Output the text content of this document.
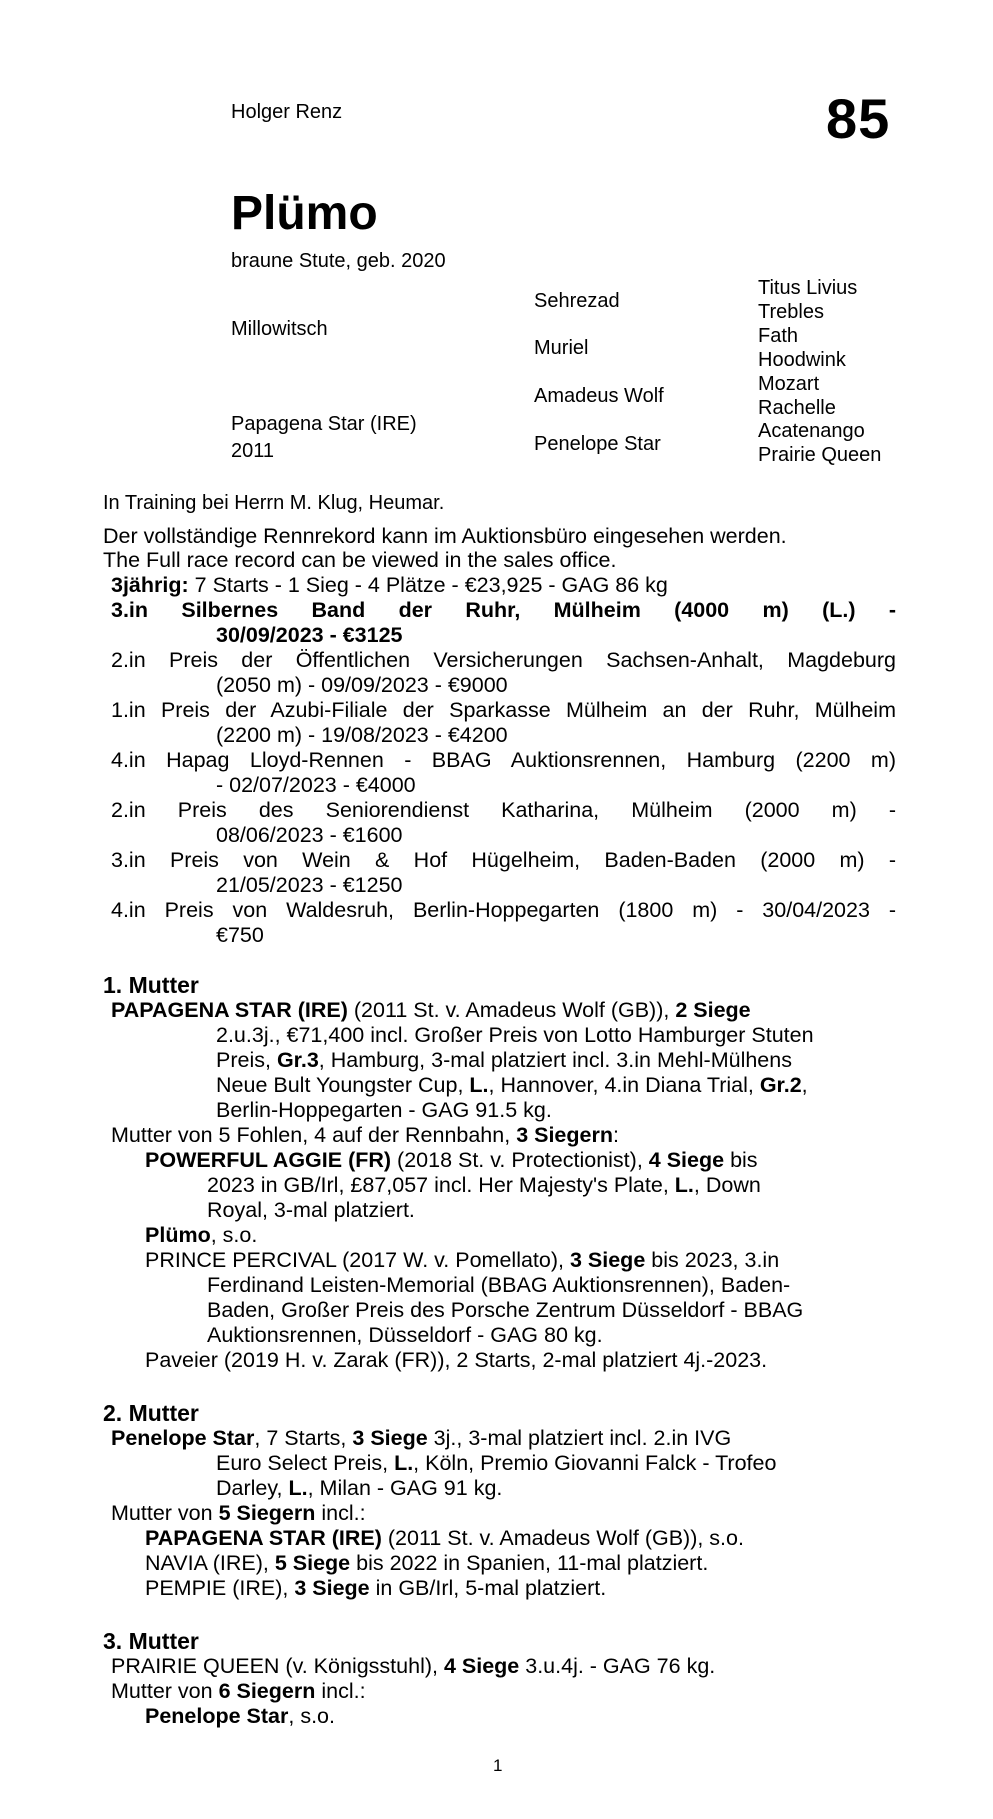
Holger Renz	85
Plümo
braune Stute, geb. 2020
Millowitsch
Papagena Star (IRE)
2011
Sehrezad
Muriel
Amadeus Wolf
Penelope Star
Titus Livius
Trebles
Fath
Hoodwink
Mozart
Rachelle
Acatenango
Prairie Queen
In Training bei Herrn M. Klug, Heumar.
Der vollständige Rennrekord kann im Auktionsbüro eingesehen werden.
The Full race record can be viewed in the sales office.
3jährig: 7 Starts - 1 Sieg - 4 Plätze - €23,925 - GAG 86 kg
3.in Silbernes Band der Ruhr, Mülheim (4000 m) (L.) -
30/09/2023 - €3125
2.in Preis der Öffentlichen Versicherungen Sachsen-Anhalt, Magdeburg
(2050 m) - 09/09/2023 - €9000
1.in Preis der Azubi-Filiale der Sparkasse Mülheim an der Ruhr, Mülheim
(2200 m) - 19/08/2023 - €4200
4.in Hapag Lloyd-Rennen - BBAG Auktionsrennen, Hamburg (2200 m)
- 02/07/2023 - €4000
2.in Preis des Seniorendienst Katharina, Mülheim (2000 m) -
08/06/2023 - €1600
3.in Preis von Wein & Hof Hügelheim, Baden-Baden (2000 m) -
21/05/2023 - €1250
4.in Preis von Waldesruh, Berlin-Hoppegarten (1800 m) - 30/04/2023 -
€750
1. Mutter
PAPAGENA STAR (IRE) (2011 St. v. Amadeus Wolf (GB)), 2 Siege
2.u.3j., €71,400 incl. Großer Preis von Lotto Hamburger Stuten
Preis, Gr.3, Hamburg, 3-mal platziert incl. 3.in Mehl-Mülhens
Neue Bult Youngster Cup, L., Hannover, 4.in Diana Trial, Gr.2,
Berlin-Hoppegarten - GAG 91.5 kg.
Mutter von 5 Fohlen, 4 auf der Rennbahn, 3 Siegern:
POWERFUL AGGIE (FR) (2018 St. v. Protectionist), 4 Siege bis
2023 in GB/Irl, £87,057 incl. Her Majesty's Plate, L., Down
Royal, 3-mal platziert.
Plümo, s.o.
PRINCE PERCIVAL (2017 W. v. Pomellato), 3 Siege bis 2023, 3.in
Ferdinand Leisten-Memorial (BBAG Auktionsrennen), Baden-
Baden, Großer Preis des Porsche Zentrum Düsseldorf - BBAG
Auktionsrennen, Düsseldorf - GAG 80 kg.
Paveier (2019 H. v. Zarak (FR)), 2 Starts, 2-mal platziert 4j.-2023.
2. Mutter
Penelope Star, 7 Starts, 3 Siege 3j., 3-mal platziert incl. 2.in IVG
Euro Select Preis, L., Köln, Premio Giovanni Falck - Trofeo
Darley, L., Milan - GAG 91 kg.
Mutter von 5 Siegern incl.:
PAPAGENA STAR (IRE) (2011 St. v. Amadeus Wolf (GB)), s.o.
NAVIA (IRE), 5 Siege bis 2022 in Spanien, 11-mal platziert.
PEMPIE (IRE), 3 Siege in GB/Irl, 5-mal platziert.
3. Mutter
PRAIRIE QUEEN (v. Königsstuhl), 4 Siege 3.u.4j. - GAG 76 kg.
Mutter von 6 Siegern incl.:
Penelope Star, s.o.
1
